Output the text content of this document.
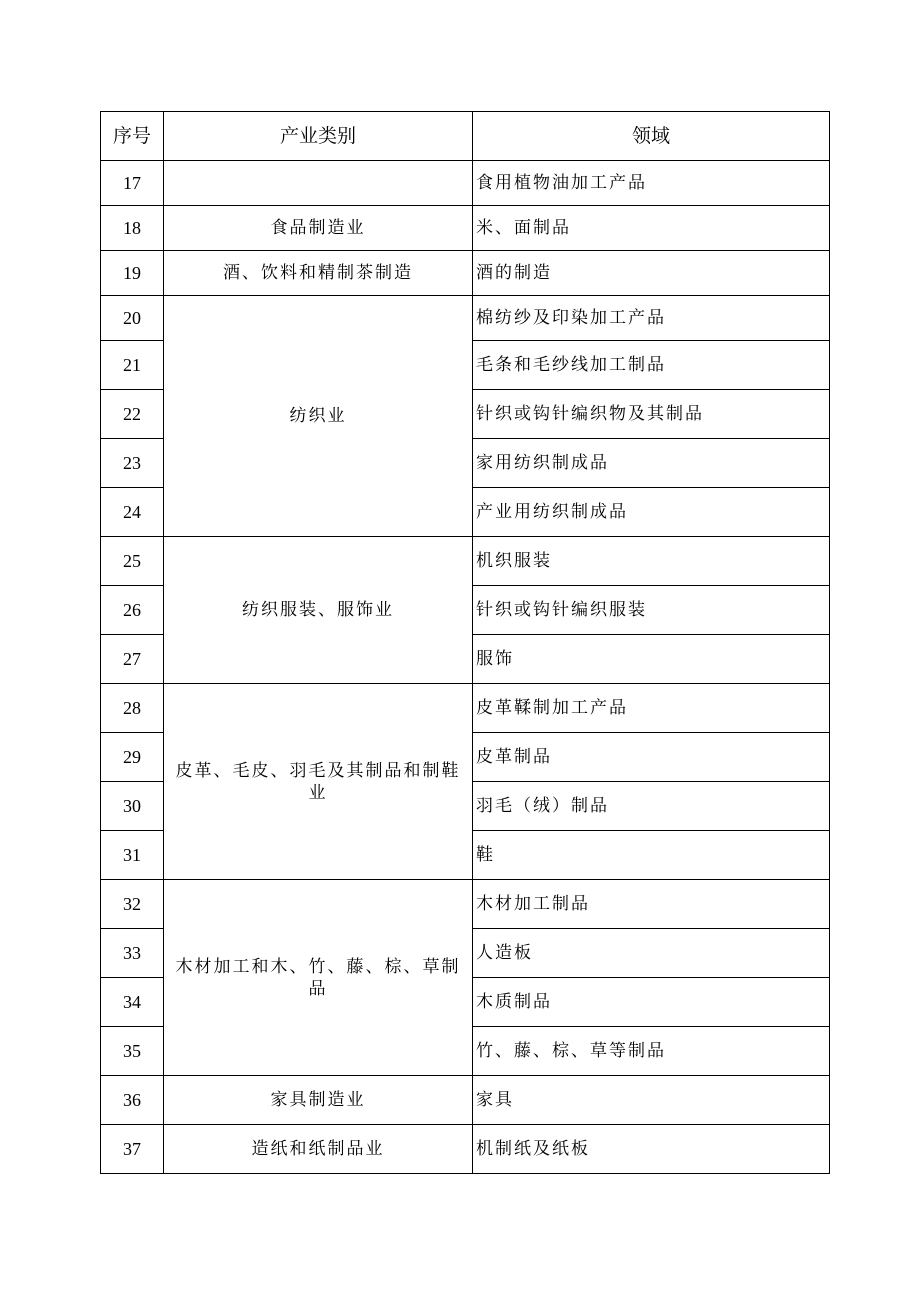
序号	产业类别	领域
17		食用植物油加工产品
18	食品制造业	米、面制品
19	酒、饮料和精制茶制造	酒的制造
20	纺织业	棉纺纱及印染加工产品
21		毛条和毛纱线加工制品
22		针织或钩针编织物及其制品
23		家用纺织制成品
24		产业用纺织制成品
25	纺织服装、服饰业	机织服装
26		针织或钩针编织服装
27		服饰
28	皮革、毛皮、羽毛及其制品和制鞋业	皮革鞣制加工产品
29		皮革制品
30		羽毛（绒）制品
31		鞋
32	木材加工和木、竹、藤、棕、草制品	木材加工制品
33		人造板
34		木质制品
35		竹、藤、棕、草等制品
36	家具制造业	家具
37	造纸和纸制品业	机制纸及纸板
